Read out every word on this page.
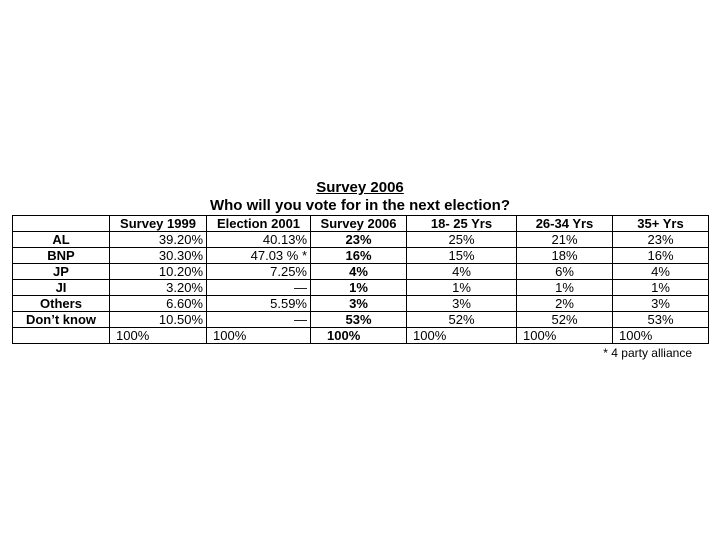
Survey 2006
Who will you vote for in the next election?
	Survey 1999	Election 2001	Survey 2006	18- 25 Yrs	26-34 Yrs	35+ Yrs
AL	39.20%	40.13%	23%	25%	21%	23%
BNP	30.30%	47.03 % *	16%	15%	18%	16%
JP	10.20%	7.25%	4%	4%	6%	4%
JI	3.20%	—	1%	1%	1%	1%
Others	6.60%	5.59%	3%	3%	2%	3%
Don’t know	10.50%	—	53%	52%	52%	53%
	100%	100%	100%	100%	100%	100%

* 4 party alliance
